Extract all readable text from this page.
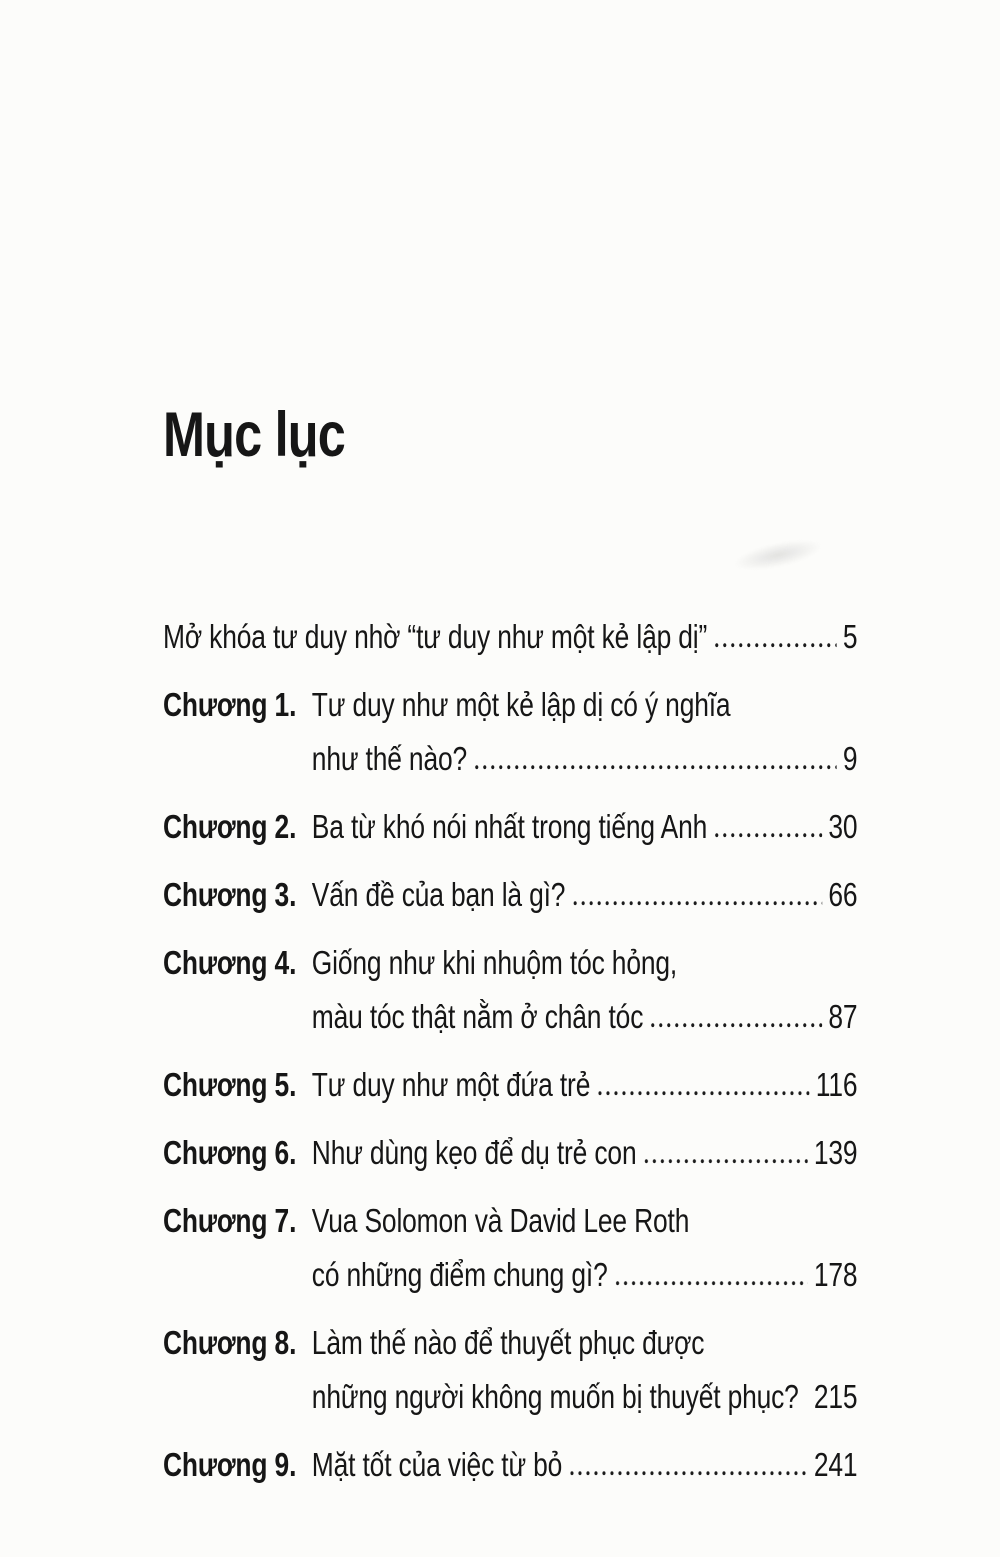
Mục lục
Mở khóa tư duy nhờ “tư duy như một kẻ lập dị”	5
Chương 1. Tư duy như một kẻ lập dị có ý nghĩa
như thế nào?	9
Chương 2. Ba từ khó nói nhất trong tiếng Anh	30
Chương 3. Vấn đề của bạn là gì?	66
Chương 4. Giống như khi nhuộm tóc hỏng,
màu tóc thật nằm ở chân tóc	87
Chương 5. Tư duy như một đứa trẻ	116
Chương 6. Như dùng kẹo để dụ trẻ con	139
Chương 7. Vua Solomon và David Lee Roth
có những điểm chung gì?	178
Chương 8. Làm thế nào để thuyết phục được
những người không muốn bị thuyết phục? 215
Chương 9. Mặt tốt của việc từ bỏ	241
